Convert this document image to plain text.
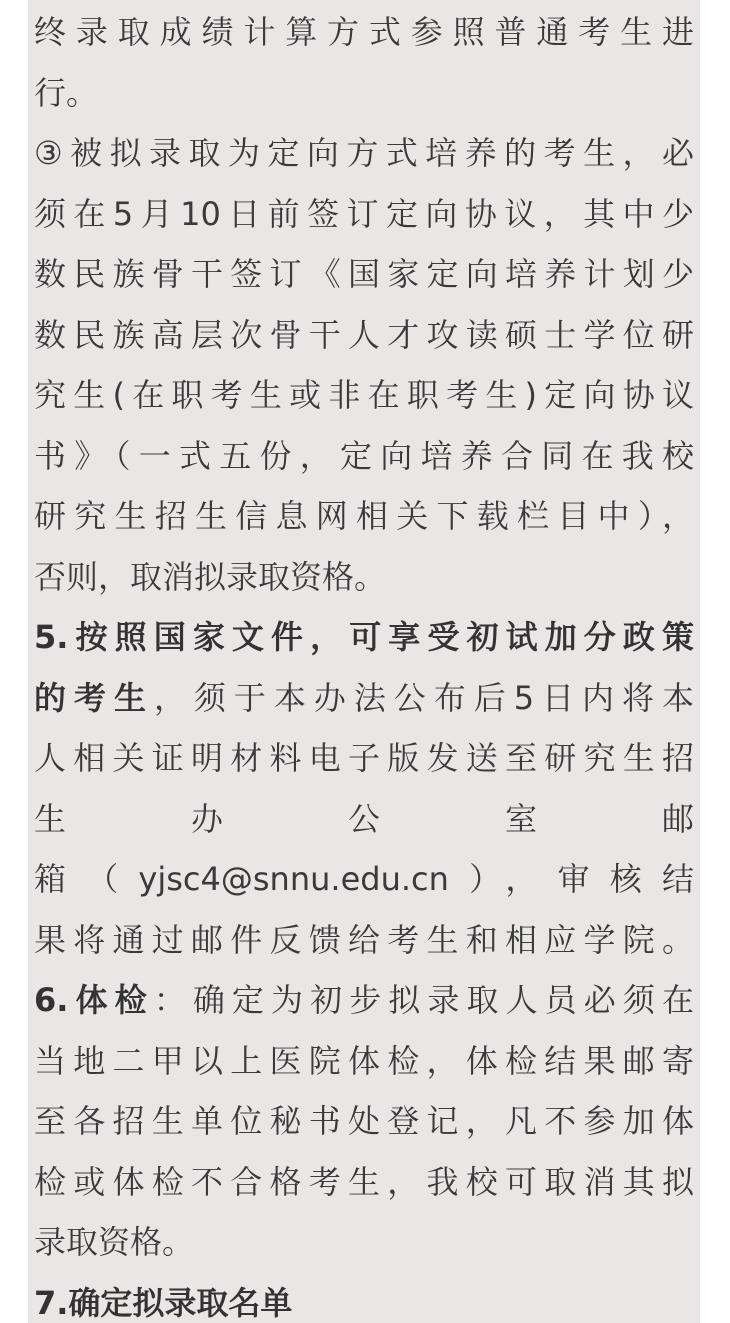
终录取成绩计算方式参照普通考生进
行。
③被拟录取为定向方式培养的考生，必
须在5月10日前签订定向协议，其中少
数民族骨干签订《国家定向培养计划少
数民族高层次骨干人才攻读硕士学位研
究生(在职考生或非在职考生)定向协议
书》（一式五份，定向培养合同在我校
研究生招生信息网相关下载栏目中），
否则，取消拟录取资格。
5.按照国家文件，可享受初试加分政策
的考生，须于本办法公布后5日内将本
人相关证明材料电子版发送至研究生招
生　办　公　室　邮
箱（yjsc4@snnu.edu.cn），审核结
果将通过邮件反馈给考生和相应学院。
6.体检：确定为初步拟录取人员必须在
当地二甲以上医院体检，体检结果邮寄
至各招生单位秘书处登记，凡不参加体
检或体检不合格考生，我校可取消其拟
录取资格。
7.确定拟录取名单
